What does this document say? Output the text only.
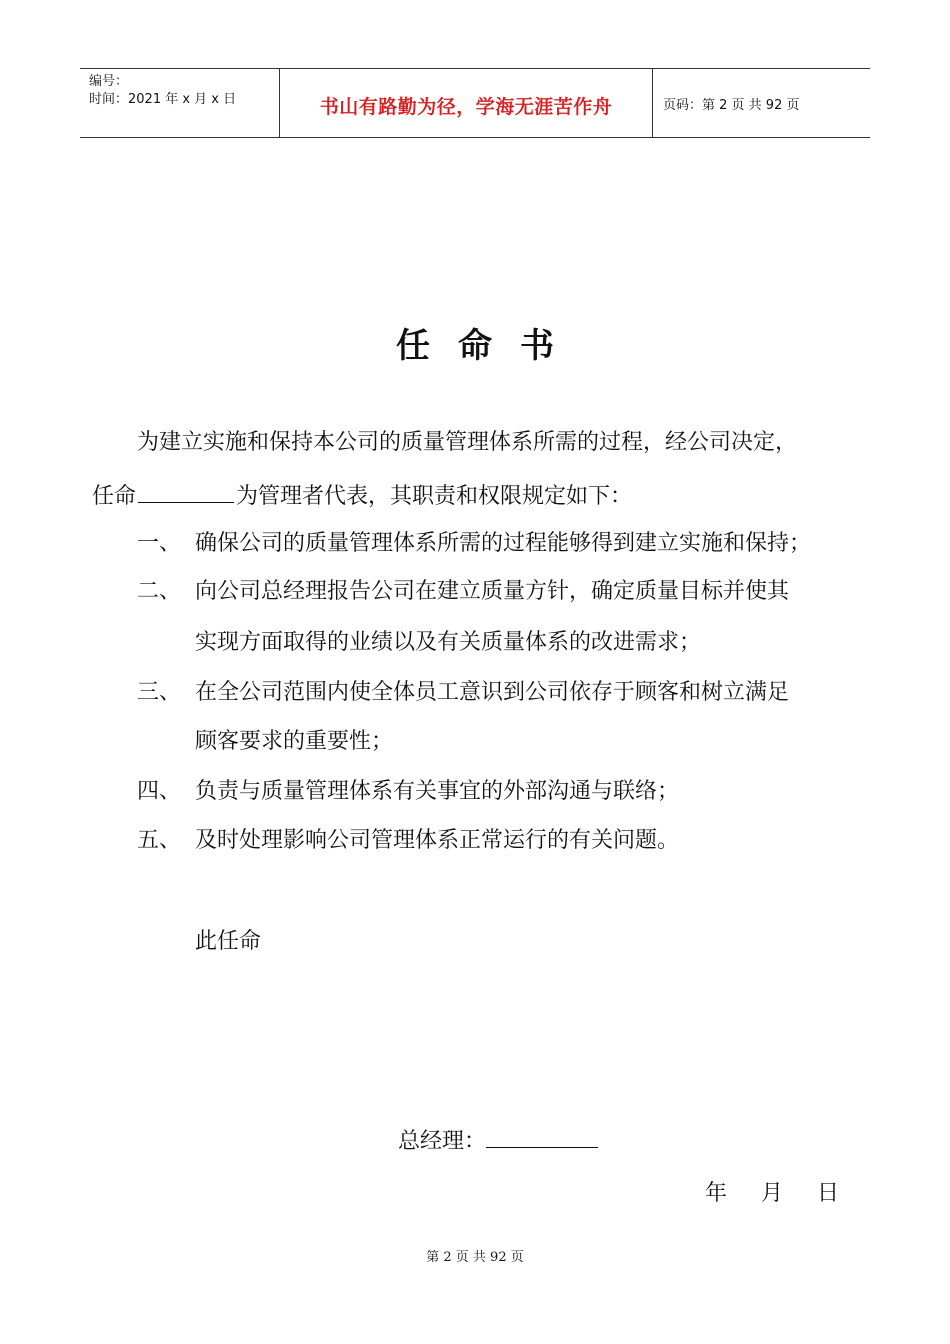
编号：
时间：2021 年 x 月 x 日	书山有路勤为径，学海无涯苦作舟	页码：第 2 页 共 92 页
任命书
为建立实施和保持本公司的质量管理体系所需的过程，经公司决定，
任命	为管理者代表，其职责和权限规定如下：
一、 确保公司的质量管理体系所需的过程能够得到建立实施和保持；
二、 向公司总经理报告公司在建立质量方针，确定质量目标并使其
实现方面取得的业绩以及有关质量体系的改进需求；
三、 在全公司范围内使全体员工意识到公司依存于顾客和树立满足
顾客要求的重要性；
四、 负责与质量管理体系有关事宜的外部沟通与联络；
五、 及时处理影响公司管理体系正常运行的有关问题。
此任命
总经理：
年 月 日
第 2 页 共 92 页
